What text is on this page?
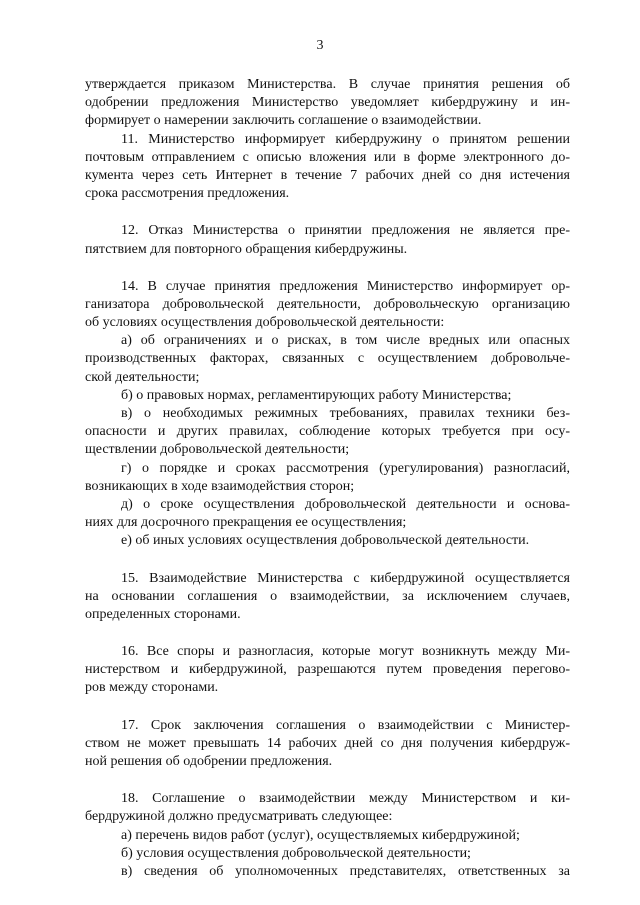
3
утверждается приказом Министерства. В случае принятия решения об
одобрении предложения Министерство уведомляет кибердружину и ин-
формирует о намерении заключить соглашение о взаимодействии.
11. Министерство информирует кибердружину о принятом решении
почтовым отправлением с описью вложения или в форме электронного до-
кумента через сеть Интернет в течение 7 рабочих дней со дня истечения
срока рассмотрения предложения.
12. Отказ Министерства о принятии предложения не является пре-
пятствием для повторного обращения кибердружины.
14. В случае принятия предложения Министерство информирует ор-
ганизатора добровольческой деятельности, добровольческую организацию
об условиях осуществления добровольческой деятельности:
а) об ограничениях и о рисках, в том числе вредных или опасных
производственных факторах, связанных с осуществлением добровольче-
ской деятельности;
б) о правовых нормах, регламентирующих работу Министерства;
в) о необходимых режимных требованиях, правилах техники без-
опасности и других правилах, соблюдение которых требуется при осу-
ществлении добровольческой деятельности;
г) о порядке и сроках рассмотрения (урегулирования) разногласий,
возникающих в ходе взаимодействия сторон;
д) о сроке осуществления добровольческой деятельности и основа-
ниях для досрочного прекращения ее осуществления;
е) об иных условиях осуществления добровольческой деятельности.
15. Взаимодействие Министерства с кибердружиной осуществляется
на основании соглашения о взаимодействии, за исключением случаев,
определенных сторонами.
16. Все споры и разногласия, которые могут возникнуть между Ми-
нистерством и кибердружиной, разрешаются путем проведения перегово-
ров между сторонами.
17. Срок заключения соглашения о взаимодействии с Министер-
ством не может превышать 14 рабочих дней со дня получения кибердруж-
ной решения об одобрении предложения.
18. Соглашение о взаимодействии между Министерством и ки-
бердружиной должно предусматривать следующее:
а) перечень видов работ (услуг), осуществляемых кибердружиной;
б) условия осуществления добровольческой деятельности;
в) сведения об уполномоченных представителях, ответственных за
